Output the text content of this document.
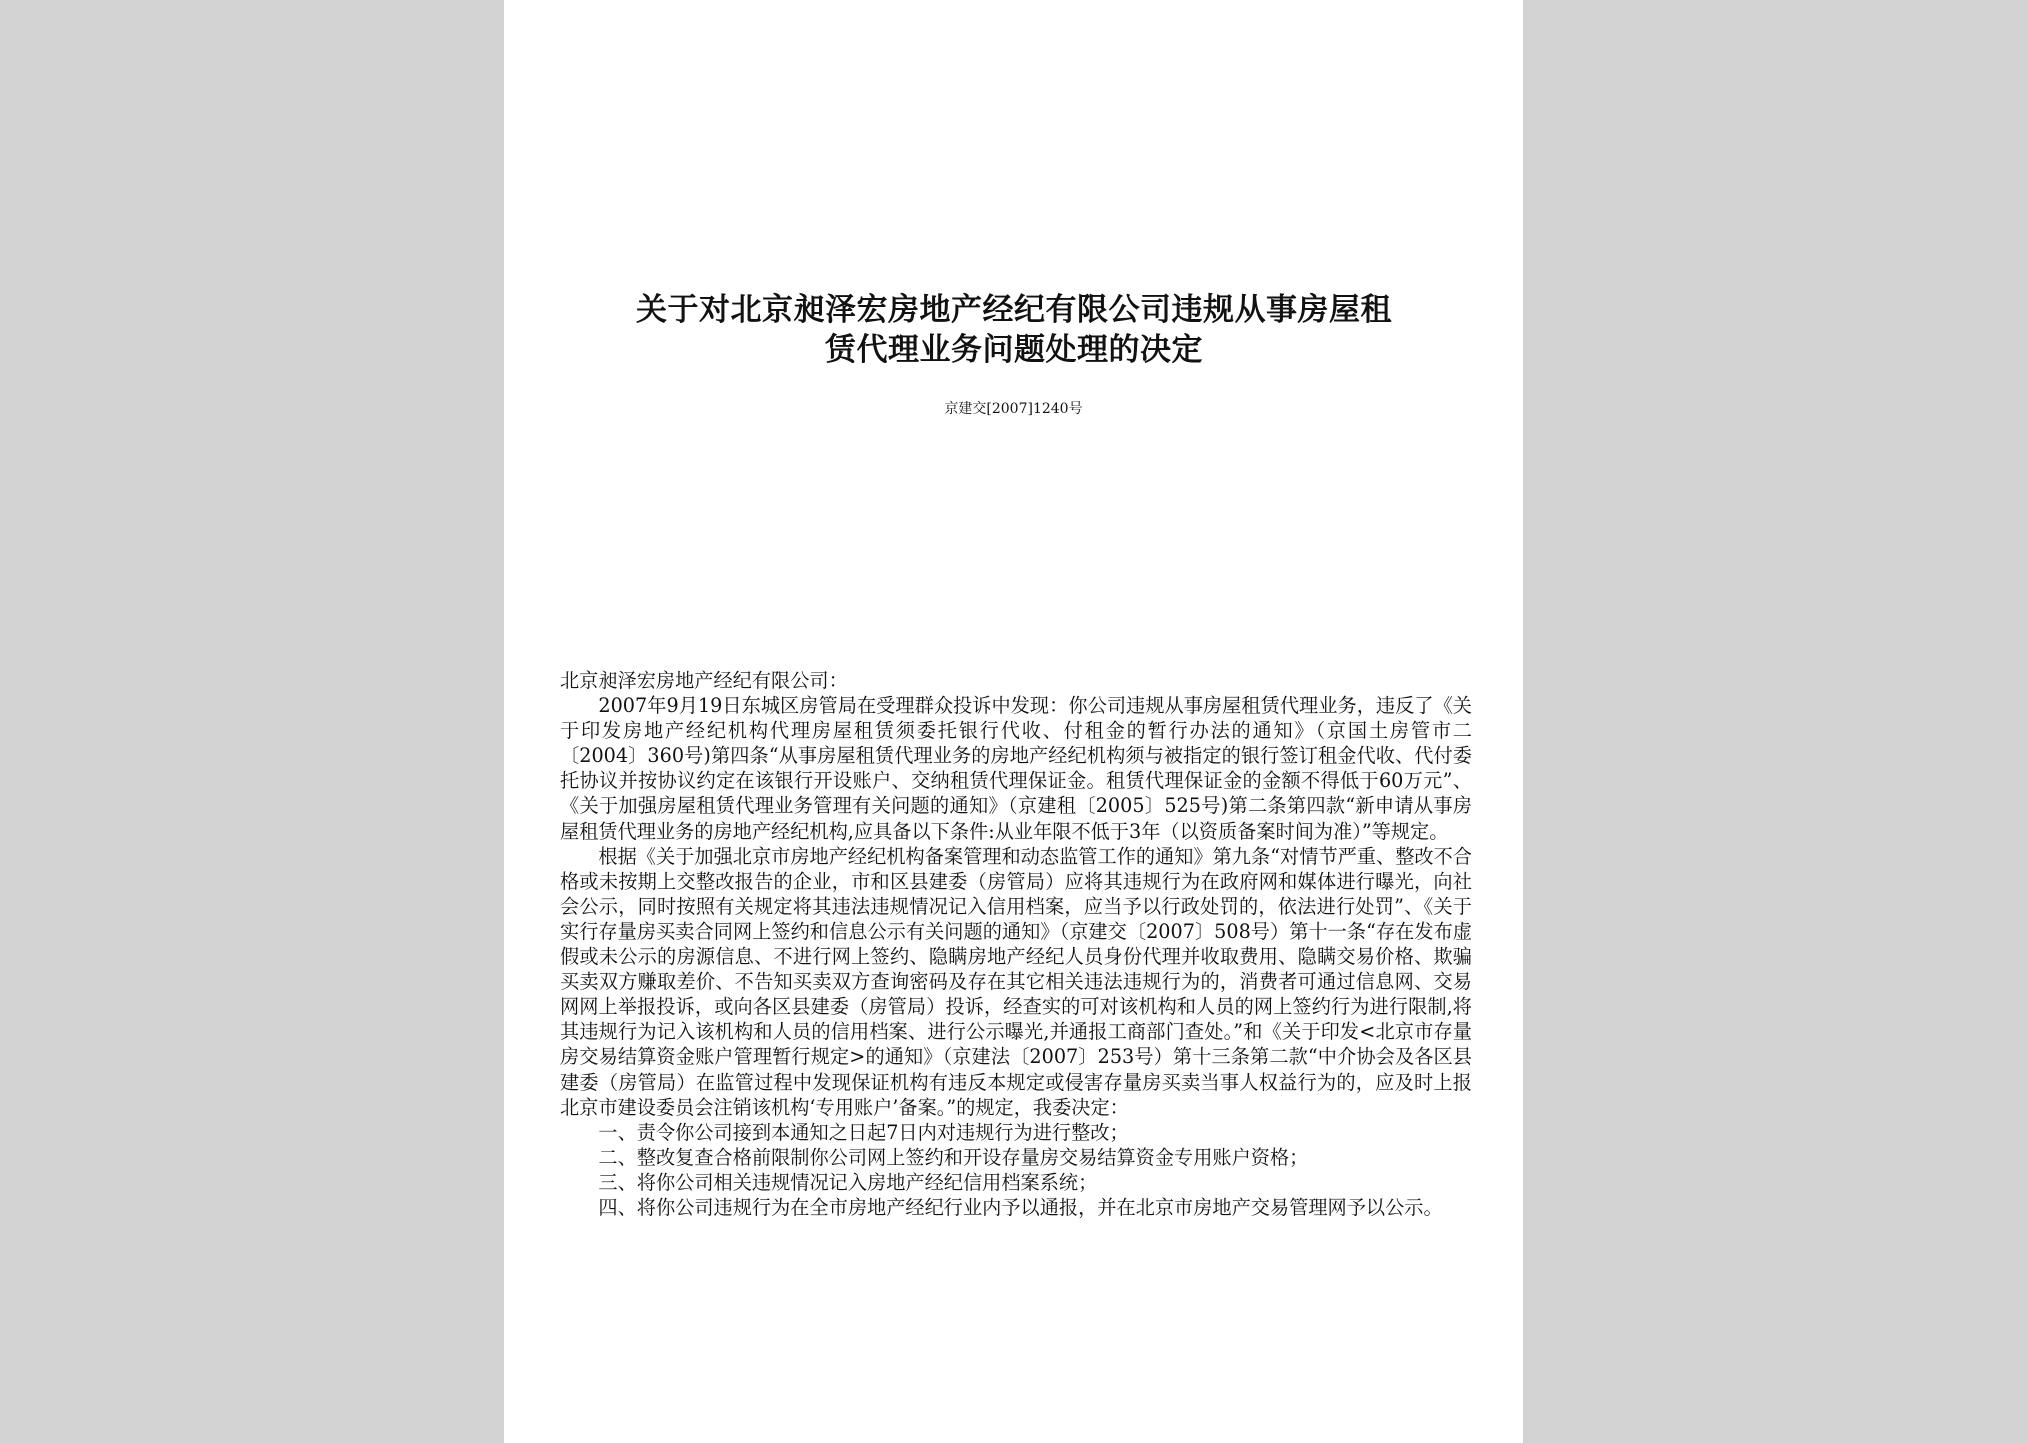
关于对北京昶泽宏房地产经纪有限公司违规从事房屋租
赁代理业务问题处理的决定
京建交[2007]1240号

北京昶泽宏房地产经纪有限公司：

2007年9月19日东城区房管局在受理群众投诉中发现：你公司违规从事房屋租赁代理业务，违反了《关于印发房地产经纪机构代理房屋租赁须委托银行代收、付租金的暂行办法的通知》（京国土房管市二〔2004〕360号)第四条“从事房屋租赁代理业务的房地产经纪机构须与被指定的银行签订租金代收、代付委托协议并按协议约定在该银行开设账户、交纳租赁代理保证金。租赁代理保证金的金额不得低于60万元”、《关于加强房屋租赁代理业务管理有关问题的通知》（京建租〔2005〕525号)第二条第四款“新申请从事房屋租赁代理业务的房地产经纪机构,应具备以下条件:从业年限不低于3年（以资质备案时间为准）”等规定。

根据《关于加强北京市房地产经纪机构备案管理和动态监管工作的通知》第九条“对情节严重、整改不合格或未按期上交整改报告的企业，市和区县建委（房管局）应将其违规行为在政府网和媒体进行曝光，向社会公示，同时按照有关规定将其违法违规情况记入信用档案，应当予以行政处罚的，依法进行处罚”、《关于实行存量房买卖合同网上签约和信息公示有关问题的通知》（京建交〔2007〕508号）第十一条“存在发布虚假或未公示的房源信息、不进行网上签约、隐瞒房地产经纪人员身份代理并收取费用、隐瞒交易价格、欺骗买卖双方赚取差价、不告知买卖双方查询密码及存在其它相关违法违规行为的，消费者可通过信息网、交易网网上举报投诉，或向各区县建委（房管局）投诉，经查实的可对该机构和人员的网上签约行为进行限制,将其违规行为记入该机构和人员的信用档案、进行公示曝光,并通报工商部门查处。”和《关于印发<北京市存量房交易结算资金账户管理暂行规定>的通知》（京建法〔2007〕253号）第十三条第二款“中介协会及各区县建委（房管局）在监管过程中发现保证机构有违反本规定或侵害存量房买卖当事人权益行为的，应及时上报北京市建设委员会注销该机构‘专用账户’备案。”的规定，我委决定：

一、责令你公司接到本通知之日起7日内对违规行为进行整改；

二、整改复查合格前限制你公司网上签约和开设存量房交易结算资金专用账户资格；

三、将你公司相关违规情况记入房地产经纪信用档案系统；

四、将你公司违规行为在全市房地产经纪行业内予以通报，并在北京市房地产交易管理网予以公示。
